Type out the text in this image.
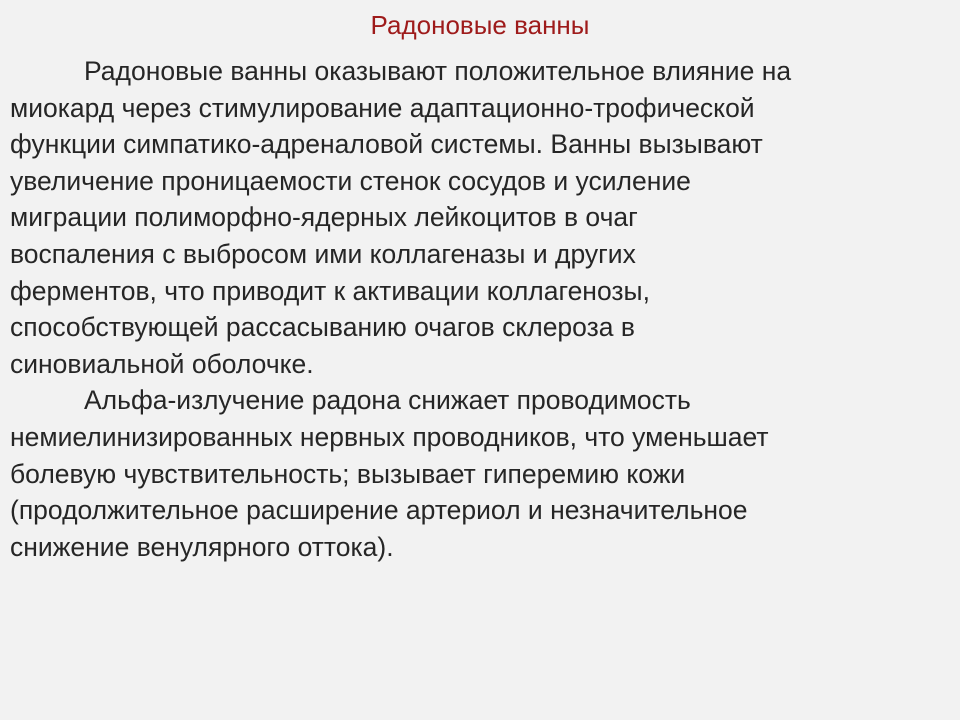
Радоновые ванны
Радоновые ванны оказывают положительное влияние на
миокард через стимулирование адаптационно-трофической
функции симпатико-адреналовой системы. Ванны вызывают
увеличение проницаемости стенок сосудов и усиление
миграции полиморфно-ядерных лейкоцитов в очаг
воспаления с выбросом ими коллагеназы и других
ферментов, что приводит к активации коллагенозы,
способствующей рассасыванию очагов склероза в
синовиальной оболочке.
Альфа-излучение радона снижает проводимость
немиелинизированных нервных проводников, что уменьшает
болевую чувствительность; вызывает гиперемию кожи
(продолжительное расширение артериол и незначительное
снижение венулярного оттока).
